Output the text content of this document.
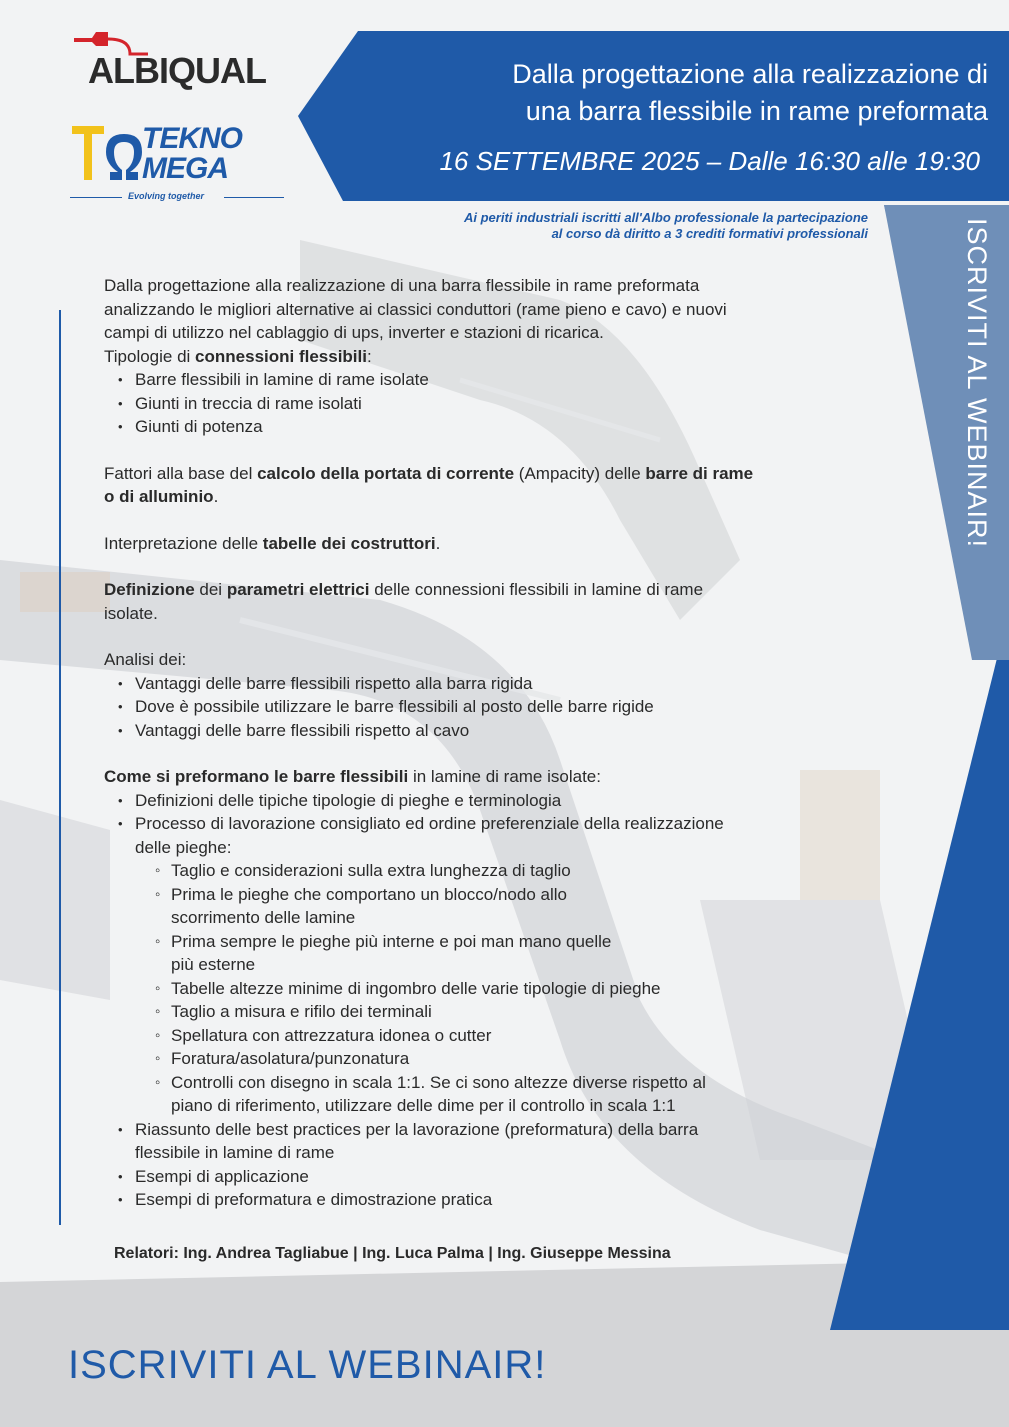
ISCRIVITI AL WEBINAIR!
Dalla progettazione alla realizzazione di
una barra flessibile in rame preformata
16 SETTEMBRE 2025 – Dalle 16:30 alle 19:30
ALBIQUAL
TEKNO
MEGA
Evolving together
Ai periti industriali iscritti all'Albo professionale la partecipazione
al corso dà diritto a 3 crediti formativi professionali

Dalla progettazione alla realizzazione di una barra flessibile in rame preformata
analizzando le migliori alternative ai classici conduttori (rame pieno e cavo) e nuovi
campi di utilizzo nel cablaggio di ups, inverter e stazioni di ricarica.

Tipologie di connessioni flessibili:

• Barre flessibili in lamine di rame isolate
• Giunti in treccia di rame isolati
• Giunti di potenza

Fattori alla base del calcolo della portata di corrente (Ampacity) delle barre di rame
o di alluminio.

Interpretazione delle tabelle dei costruttori.

Definizione dei parametri elettrici delle connessioni flessibili in lamine di rame
isolate.

Analisi dei:

• Vantaggi delle barre flessibili rispetto alla barra rigida
• Dove è possibile utilizzare le barre flessibili al posto delle barre rigide
• Vantaggi delle barre flessibili rispetto al cavo

Come si preformano le barre flessibili in lamine di rame isolate:

• Definizioni delle tipiche tipologie di pieghe e terminologia
• Processo di lavorazione consigliato ed ordine preferenziale della realizzazione
delle pieghe:
◦ Taglio e considerazioni sulla extra lunghezza di taglio
◦ Prima le pieghe che comportano un blocco/nodo allo
scorrimento delle lamine
◦ Prima sempre le pieghe più interne e poi man mano quelle
più esterne
◦ Tabelle altezze minime di ingombro delle varie tipologie di pieghe
◦ Taglio a misura e rifilo dei terminali
◦ Spellatura con attrezzatura idonea o cutter
◦ Foratura/asolatura/punzonatura
◦ Controlli con disegno in scala 1:1. Se ci sono altezze diverse rispetto al
piano di riferimento, utilizzare delle dime per il controllo in scala 1:1
• Riassunto delle best practices per la lavorazione (preformatura) della barra
flessibile in lamine di rame
• Esempi di applicazione
• Esempi di preformatura e dimostrazione pratica
Relatori: Ing. Andrea Tagliabue | Ing. Luca Palma | Ing. Giuseppe Messina
ISCRIVITI AL WEBINAIR!
